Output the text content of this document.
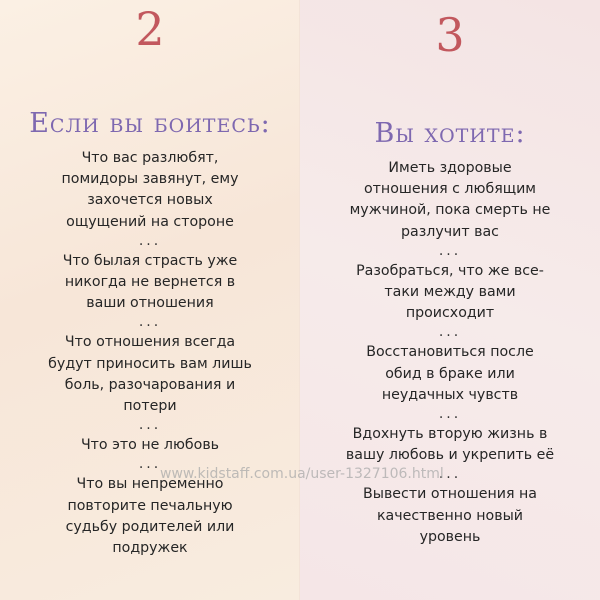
2
Если вы боитесь:
Что вас разлюбят,
помидоры завянут, ему
захочется новых
ощущений на стороне
...
Что былая страсть уже
никогда не вернется в
ваши отношения
...
Что отношения всегда
будут приносить вам лишь
боль, разочарования и
потери
...
Что это не любовь
...
Что вы непременно
повторите печальную
судьбу родителей или
подружек
3
Вы хотите:
Иметь здоровые
отношения с любящим
мужчиной, пока смерть не
разлучит вас
...
Разобраться, что же все-
таки между вами
происходит
...
Восстановиться после
обид в браке или
неудачных чувств
...
Вдохнуть вторую жизнь в
вашу любовь и укрепить её
...
Вывести отношения на
качественно новый
уровень
www.kidstaff.com.ua/user-1327106.html
